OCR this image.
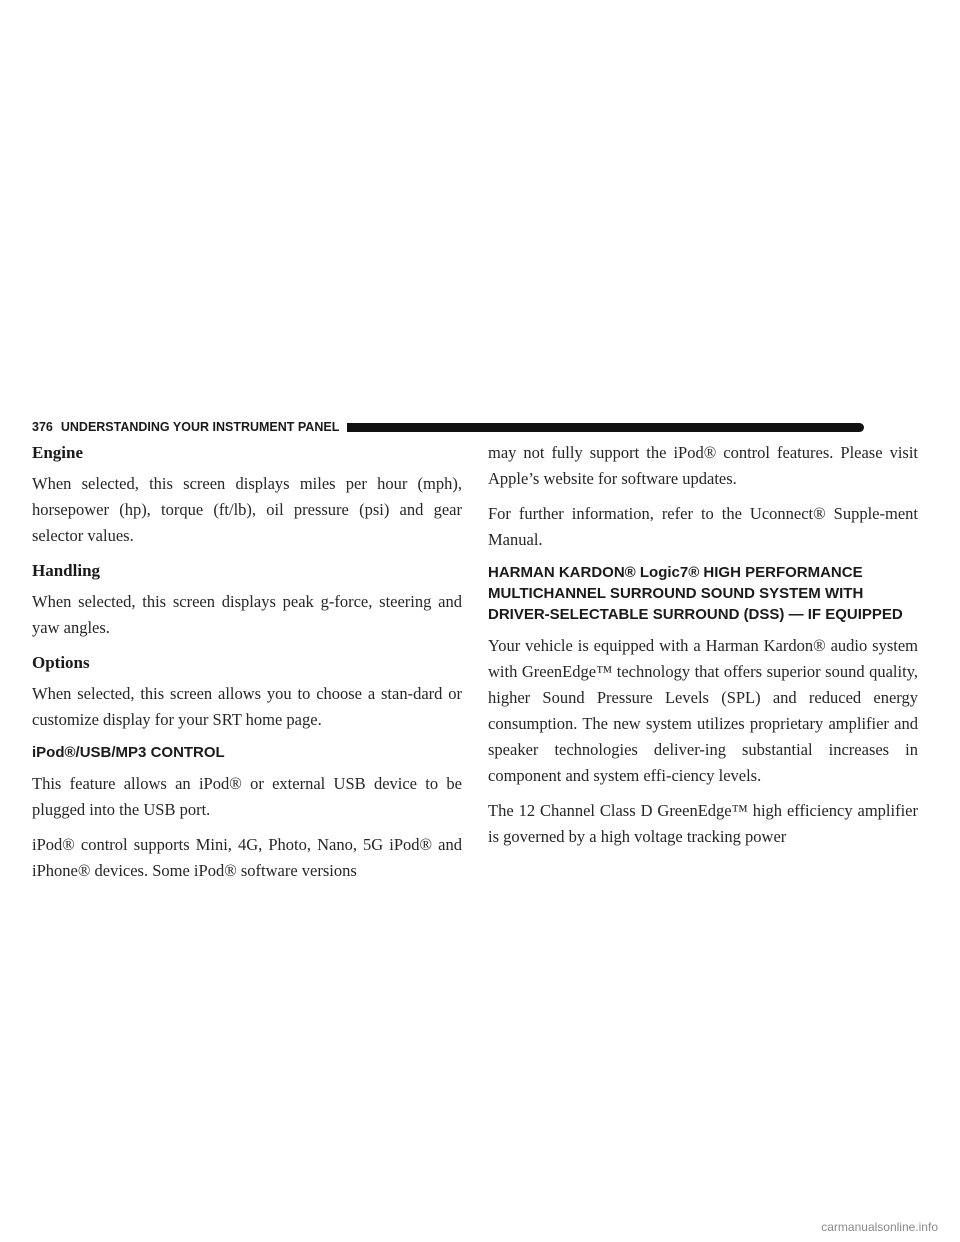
376 UNDERSTANDING YOUR INSTRUMENT PANEL

Engine

When selected, this screen displays miles per hour (mph), horsepower (hp), torque (ft/lb), oil pressure (psi) and gear selector values.

Handling

When selected, this screen displays peak g-force, steering and yaw angles.

Options

When selected, this screen allows you to choose a stan-dard or customize display for your SRT home page.

iPod®/USB/MP3 CONTROL

This feature allows an iPod® or external USB device to be plugged into the USB port.

iPod® control supports Mini, 4G, Photo, Nano, 5G iPod® and iPhone® devices. Some iPod® software versions

may not fully support the iPod® control features. Please visit Apple’s website for software updates.

For further information, refer to the Uconnect® Supple-ment Manual.

HARMAN KARDON® Logic7® HIGH PERFORMANCE MULTICHANNEL SURROUND SOUND SYSTEM WITH DRIVER-SELECTABLE SURROUND (DSS) — IF EQUIPPED

Your vehicle is equipped with a Harman Kardon® audio system with GreenEdge™ technology that offers superior sound quality, higher Sound Pressure Levels (SPL) and reduced energy consumption. The new system utilizes proprietary amplifier and speaker technologies deliver-ing substantial increases in component and system effi-ciency levels.

The 12 Channel Class D GreenEdge™ high efficiency amplifier is governed by a high voltage tracking power

carmanualsonline.info
